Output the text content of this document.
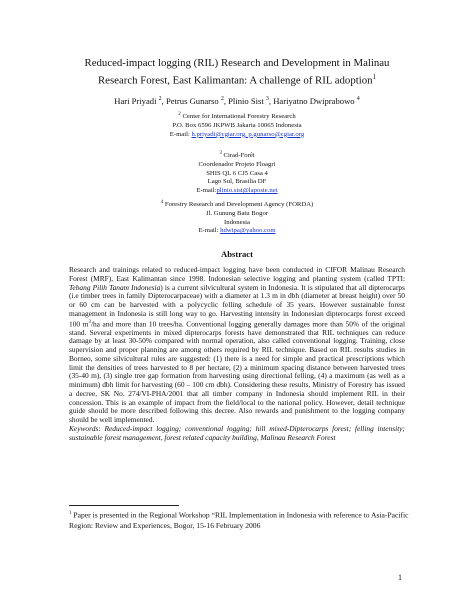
Reduced-impact logging (RIL) Research and Development in Malinau
Research Forest, East Kalimantan: A challenge of RIL adoption$^1$
Hari Priyadi $^2$, Petrus Gunarso $^2$, Plinio Sist $^3$, Hariyatno Dwiprabowo $^4$
$^2$ Center for International Forestry Research
P.O. Box 6596 JKPWB Jakarta 10065 Indonesia
E-mail: h.priyadi@cgiar.org, p.gunarso@cgiar.org
$^3$ Cirad-Forêt
Coordenador Projeto Floagri
SHIS QL 6 CJ5 Casa 4
Lago Sul, Brasilia DF
E-mail:plinio.sist@laposte.net
$^4$ Forestry Research and Development Agency (FORDA)
Jl. Gunung Batu Bogor
Indonesia
E-mail: hdwipa@yahoo.com
Abstract

Research and trainings related to reduced-impact logging have been conducted in CIFOR Malinau Research Forest (MRF), East Kalimantan since 1998. Indonesian selective logging and planting system (called TPTI: Tebang Pilih Tanam Indonesia) is a current silvicultural system in Indonesia. It is stipulated that all dipterocarps (i.e timber trees in family Dipterocarpaceae) with a diameter at 1.3 m in dbh (diameter at breast height) over 50 or 60 cm can be harvested with a polycyclic felling schedule of 35 years. However sustainable forest management in Indonesia is still long way to go. Harvesting intensity in Indonesian dipterocarps forest exceed 100 $m^3/ha$ and more than 10 trees/ha. Conventional logging generally damages more than 50% of the original stand. Several experiments in mixed dipterocarps forests have demonstrated that RIL techniques can reduce damage by at least 30-50% compared with normal operation, also called conventional logging. Training, close supervision and proper planning are among others required by RIL technique. Based on RIL results studies in Borneo, some silvicultural rules are suggested: (1) there is a need for simple and practical prescriptions which limit the densities of trees harvested to 8 per hectare, (2) a minimum spacing distance between harvested trees (35-40 m), (3) single tree gap formation from harvesting using directional felling, (4) a maximum (as well as a minimum) dbh limit for harvesting (60 – 100 cm dbh). Considering these results, Ministry of Forestry has issued a decree, SK No. 274/VI-PHA/2001 that all timber company in Indonesia should implement RIL in their concession. This is an example of impact from the field/local to the national policy. However, detail technique guide should be more described following this decree. Also rewards and punishment to the logging company should be well implemented.

Keywords: Reduced-impact logging; conventional logging; hill mixed-Dipterocarps forest; felling intensity; sustainable forest management, forest related capacity building, Malinau Research Forest

$^1$ Paper is presented in the Regional Workshop “RIL Implementation in Indonesia with reference to Asia-Pacific Region: Review and Experiences, Bogor, 15-16 February 2006
1
